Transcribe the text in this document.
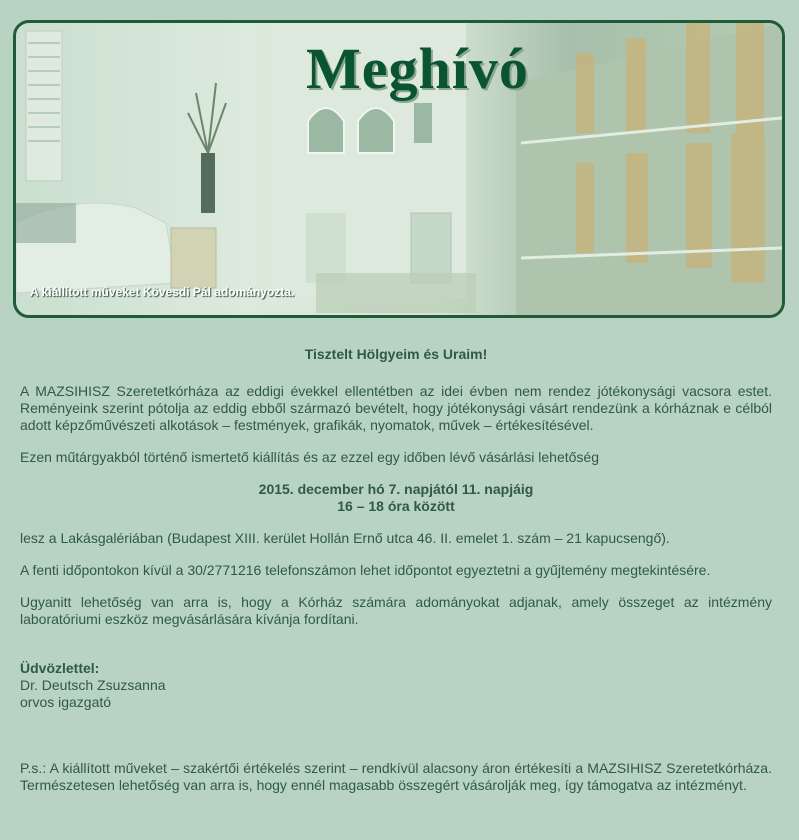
Meghívó
A kiállított műveket Kövesdi Pál adományozta.

Tisztelt Hölgyeim és Uraim!

A MAZSIHISZ Szeretetkórháza az eddigi évekkel ellentétben az idei évben nem rendez jótékonysági vacsora estet. Reményeink szerint pótolja az eddig ebből származó bevételt, hogy jótékonysági vásárt rendezünk a kórháznak e célból adott képzőművészeti alkotások – festmények, grafikák, nyomatok, művek – értékesítésével.

Ezen műtárgyakból történő ismertető kiállítás és az ezzel egy időben lévő vásárlási lehetőség

2015. december hó 7. napjától 11. napjáig

16 – 18 óra között

lesz a Lakásgalériában (Budapest XIII. kerület Hollán Ernő utca 46. II. emelet 1. szám – 21 kapucsengő).

A fenti időpontokon kívül a 30/2771216 telefonszámon lehet időpontot egyeztetni a gyűjtemény megtekintésére.

Ugyanitt lehetőség van arra is, hogy a Kórház számára adományokat adjanak, amely összeget az intézmény laboratóriumi eszköz megvásárlására kívánja fordítani.

Üdvözlettel:

Dr. Deutsch Zsuzsanna

orvos igazgató

P.s.: A kiállított műveket – szakértői értékelés szerint – rendkívül alacsony áron értékesíti a MAZSIHISZ Szeretetkórháza. Természetesen lehetőség van arra is, hogy ennél magasabb összegért vásárolják meg, így támogatva az intézményt.
